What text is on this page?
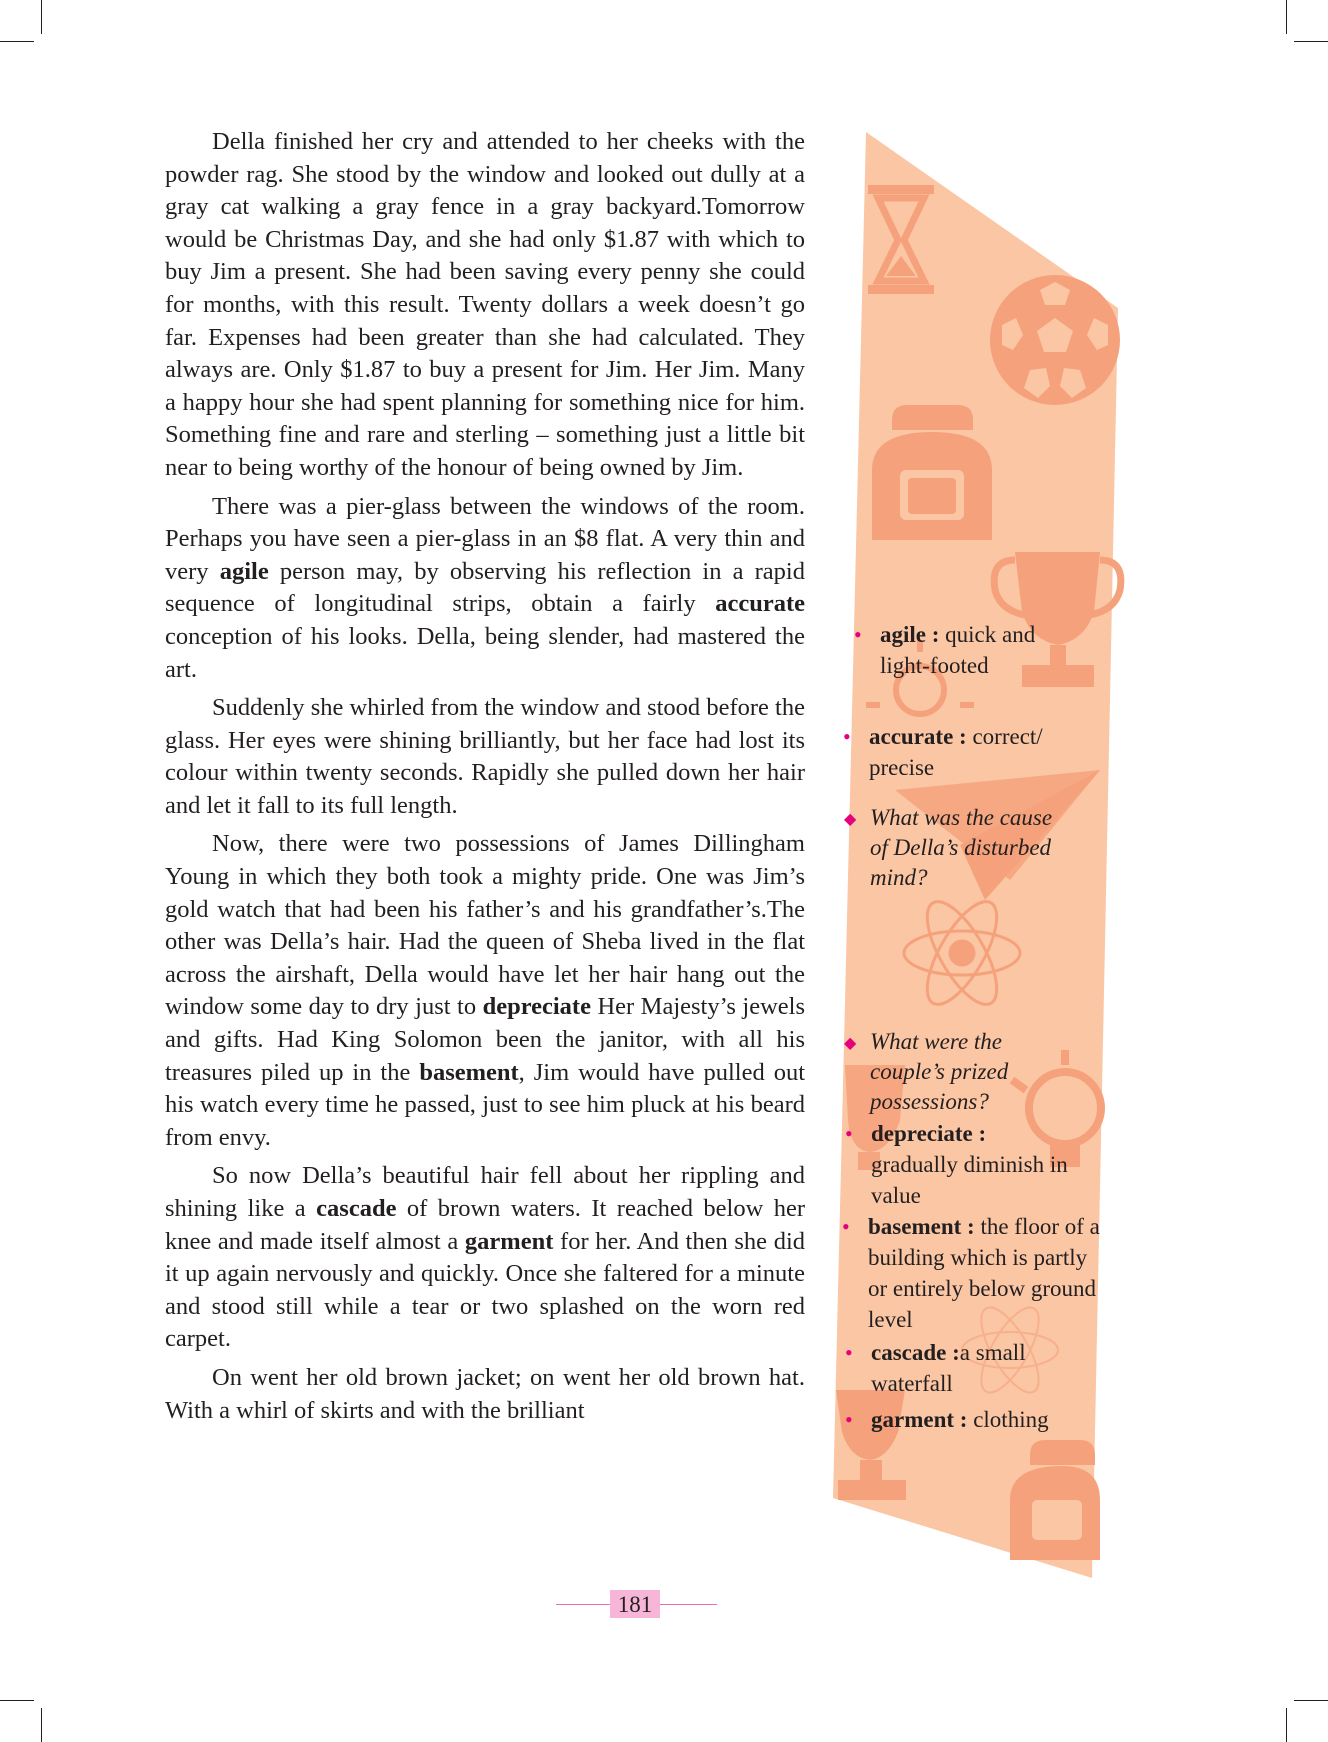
Della finished her cry and attended to her cheeks with the powder rag. She stood by the window and looked out dully at a gray cat walking a gray fence in a gray backyard.Tomorrow would be Christmas Day, and she had only $1.87 with which to buy Jim a present. She had been saving every penny she could for months, with this result. Twenty dollars a week doesn’t go far. Expenses had been greater than she had calculated. They always are. Only $1.87 to buy a present for Jim. Her Jim. Many a happy hour she had spent planning for something nice for him. Something fine and rare and sterling – something just a little bit near to being worthy of the honour of being owned by Jim.

There was a pier-glass between the windows of the room. Perhaps you have seen a pier-glass in an $8 flat. A very thin and very agile person may, by observing his reflection in a rapid sequence of longitudinal strips, obtain a fairly accurate conception of his looks. Della, being slender, had mastered the art.

Suddenly she whirled from the window and stood before the glass. Her eyes were shining brilliantly, but her face had lost its colour within twenty seconds. Rapidly she pulled down her hair and let it fall to its full length.

Now, there were two possessions of James Dillingham Young in which they both took a mighty pride. One was Jim’s gold watch that had been his father’s and his grandfather’s.The other was Della’s hair. Had the queen of Sheba lived in the flat across the airshaft, Della would have let her hair hang out the window some day to dry just to depreciate Her Majesty’s jewels and gifts. Had King Solomon been the janitor, with all his treasures piled up in the basement, Jim would have pulled out his watch every time he passed, just to see him pluck at his beard from envy.

So now Della’s beautiful hair fell about her rippling and shining like a cascade of brown waters. It reached below her knee and made itself almost a garment for her. And then she did it up again nervously and quickly. Once she faltered for a minute and stood still while a tear or two splashed on the worn red carpet.

On went her old brown jacket; on went her old brown hat. With a whirl of skirts and with the brilliant

• agile : quick and light-footed
• accurate : correct/ precise
◆ What was the cause of Della’s disturbed mind?
◆ What were the couple’s prized possessions?
• depreciate :
gradually diminish in value
• basement : the floor of a building which is partly or entirely below ground level
• cascade :a small waterfall
• garment : clothing
181
